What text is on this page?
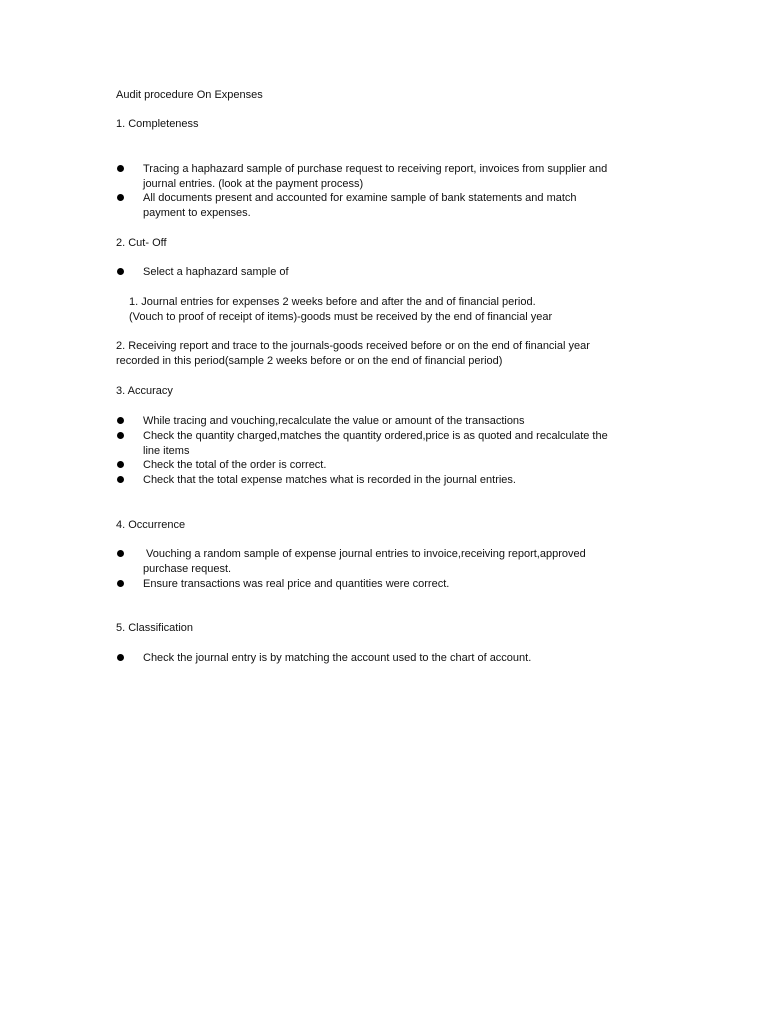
Audit procedure On Expenses
1. Completeness
Tracing a haphazard sample of purchase request to receiving report, invoices from supplier and
journal entries. (look at the payment process)
All documents present and accounted for examine sample of bank statements and match
payment to expenses.
2. Cut- Off
Select a haphazard sample of
1. Journal entries for expenses 2 weeks before and after the and of financial period.
(Vouch to proof of receipt of items)-goods must be received by the end of financial year
2. Receiving report and trace to the journals-goods received before or on the end of financial year
recorded in this period(sample 2 weeks before or on the end of financial period)
3. Accuracy
While tracing and vouching,recalculate the value or amount of the transactions
Check the quantity charged,matches the quantity ordered,price is as quoted and recalculate the
line items
Check the total of the order is correct.
Check that the total expense matches what is recorded in the journal entries.
4. Occurrence
Vouching a random sample of expense journal entries to invoice,receiving report,approved
purchase request.
Ensure transactions was real price and quantities were correct.
5. Classification
Check the journal entry is by matching the account used to the chart of account.
